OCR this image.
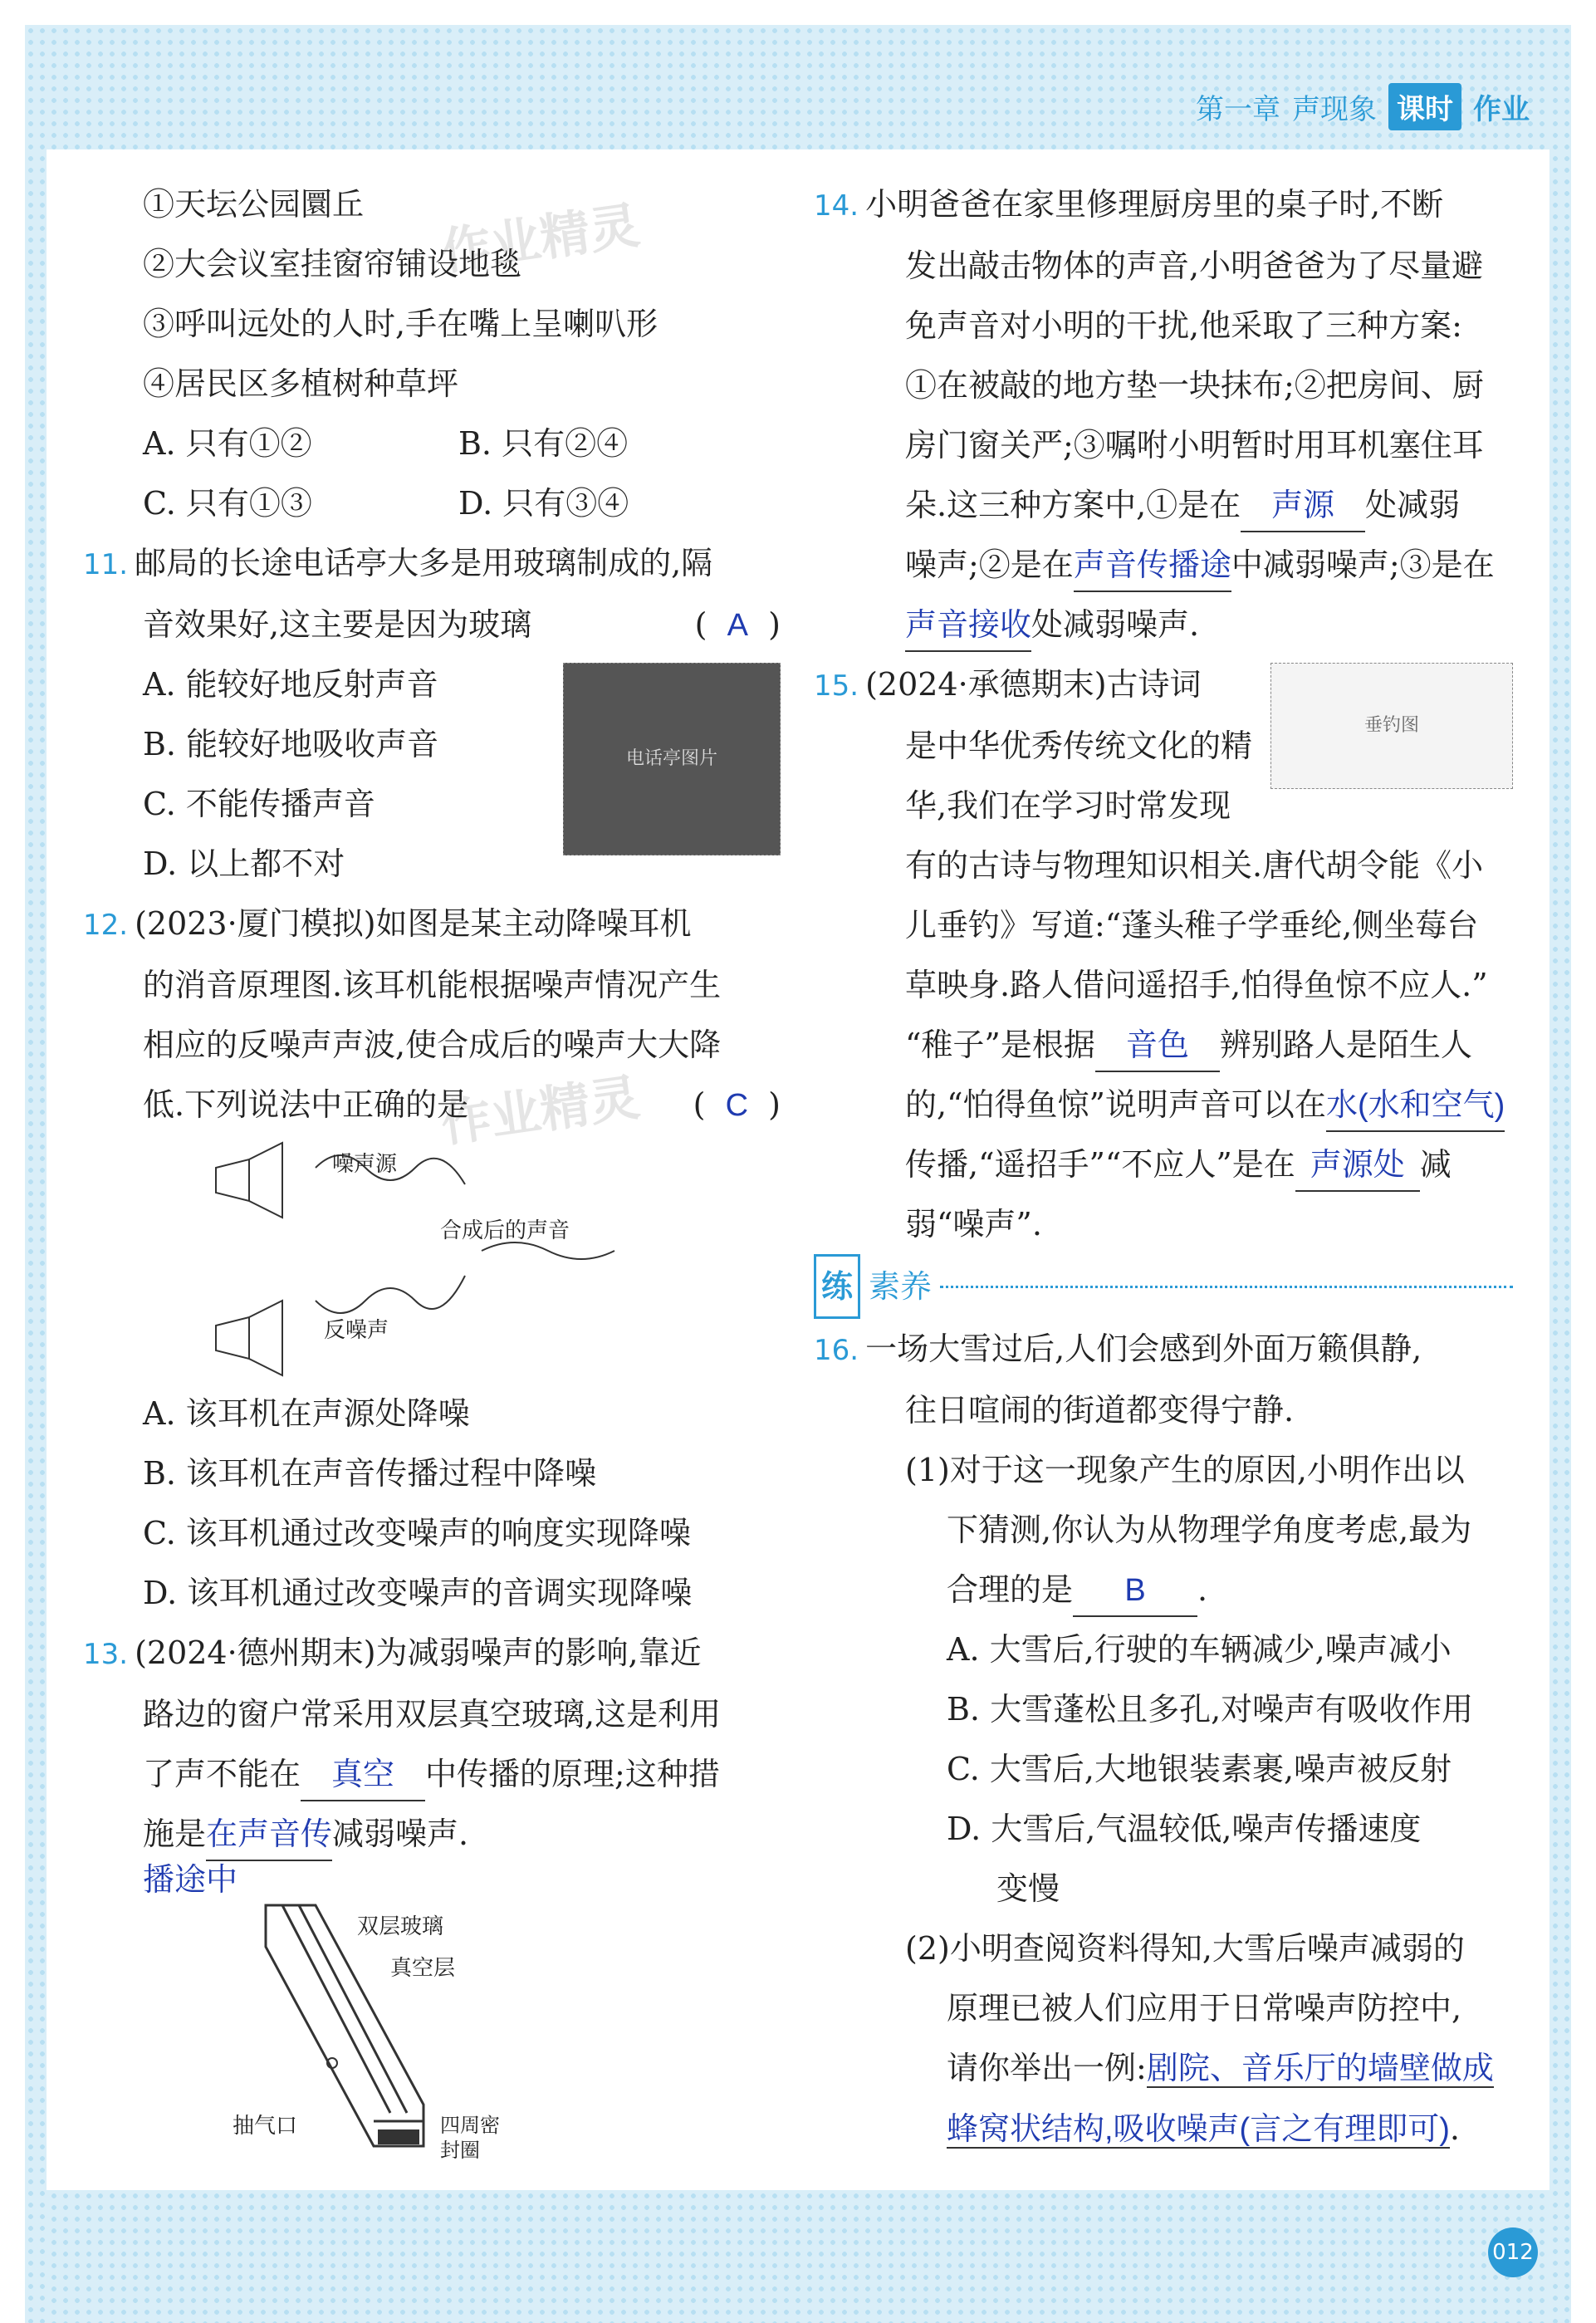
第一章 声现象 课时 作业
作业精灵
作业精灵
①天坛公园圜丘
②大会议室挂窗帘铺设地毯
③呼叫远处的人时,手在嘴上呈喇叭形
④居民区多植树种草坪
A. 只有①②	B. 只有②④
C. 只有①③	D. 只有③④
11. 邮局的长途电话亭大多是用玻璃制成的,隔
音效果好,这主要是因为玻璃	(  A  )
电话亭图片
A. 能较好地反射声音
B. 能较好地吸收声音
C. 不能传播声音
D. 以上都不对
12. (2023·厦门模拟)如图是某主动降噪耳机
的消音原理图.该耳机能根据噪声情况产生
相应的反噪声声波,使合成后的噪声大大降
低.下列说法中正确的是	(  C  )
噪声源
合成后的声音
反噪声
A. 该耳机在声源处降噪
B. 该耳机在声音传播过程中降噪
C. 该耳机通过改变噪声的响度实现降噪
D. 该耳机通过改变噪声的音调实现降噪
13. (2024·德州期末)为减弱噪声的影响,靠近
路边的窗户常采用双层真空玻璃,这是利用
了声不能在 真空 中传播的原理;这种措
施是在声音传减弱噪声.
播途中
双层玻璃
真空层
抽气口	四周密
封圈
14. 小明爸爸在家里修理厨房里的桌子时,不断
发出敲击物体的声音,小明爸爸为了尽量避
免声音对小明的干扰,他采取了三种方案:
①在被敲的地方垫一块抹布;②把房间、厨
房门窗关严;③嘱咐小明暂时用耳机塞住耳
朵.这三种方案中,①是在 声源 处减弱
噪声;②是在声音传播途中减弱噪声;③是在
声音接收处减弱噪声.
垂钓图
15. (2024·承德期末)古诗词
是中华优秀传统文化的精
华,我们在学习时常发现
有的古诗与物理知识相关.唐代胡令能《小
儿垂钓》写道:“蓬头稚子学垂纶,侧坐莓台
草映身.路人借问遥招手,怕得鱼惊不应人.”
“稚子”是根据 音色 辨别路人是陌生人
的,“怕得鱼惊”说明声音可以在水(水和空气)
传播,“遥招手”“不应人”是在 声源处 减
弱“噪声”.
练 素养
16. 一场大雪过后,人们会感到外面万籁俱静,
往日喧闹的街道都变得宁静.
(1)对于这一现象产生的原因,小明作出以
下猜测,你认为从物理学角度考虑,最为
合理的是 B .
A. 大雪后,行驶的车辆减少,噪声减小
B. 大雪蓬松且多孔,对噪声有吸收作用
C. 大雪后,大地银装素裹,噪声被反射
D. 大雪后,气温较低,噪声传播速度
变慢
(2)小明查阅资料得知,大雪后噪声减弱的
原理已被人们应用于日常噪声防控中,
请你举出一例:剧院、音乐厅的墙壁做成
蜂窝状结构,吸收噪声(言之有理即可).
012
